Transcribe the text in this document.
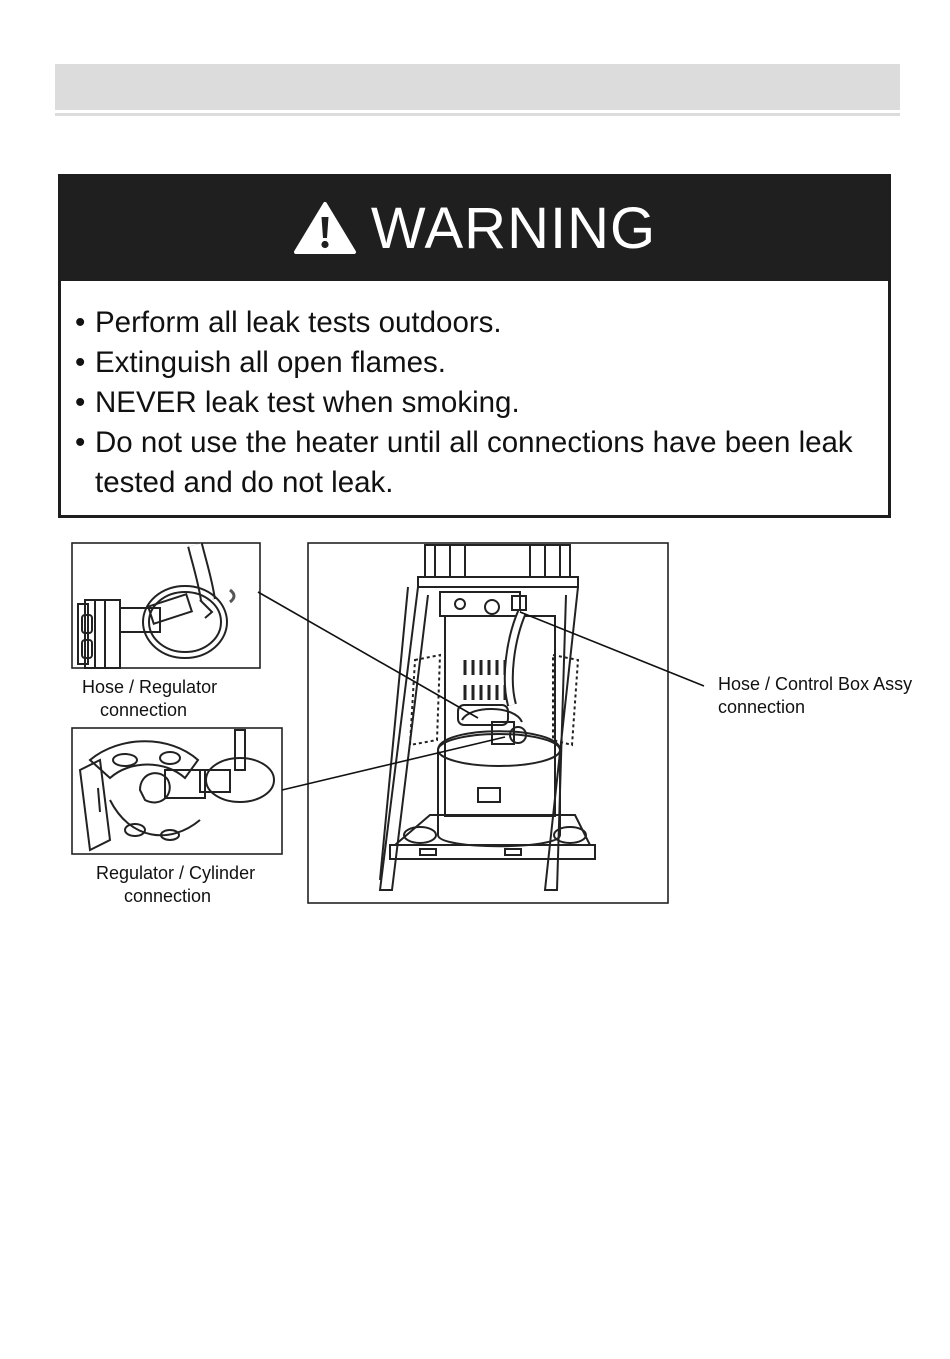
WARNING
• Perform all leak tests outdoors.
• Extinguish all open flames.
• NEVER leak test when smoking.
• Do not use the heater until all connections have been leak tested and do not leak.
Hose / Regulator
connection
Regulator / Cylinder
connection
Hose / Control Box Assy
connection
